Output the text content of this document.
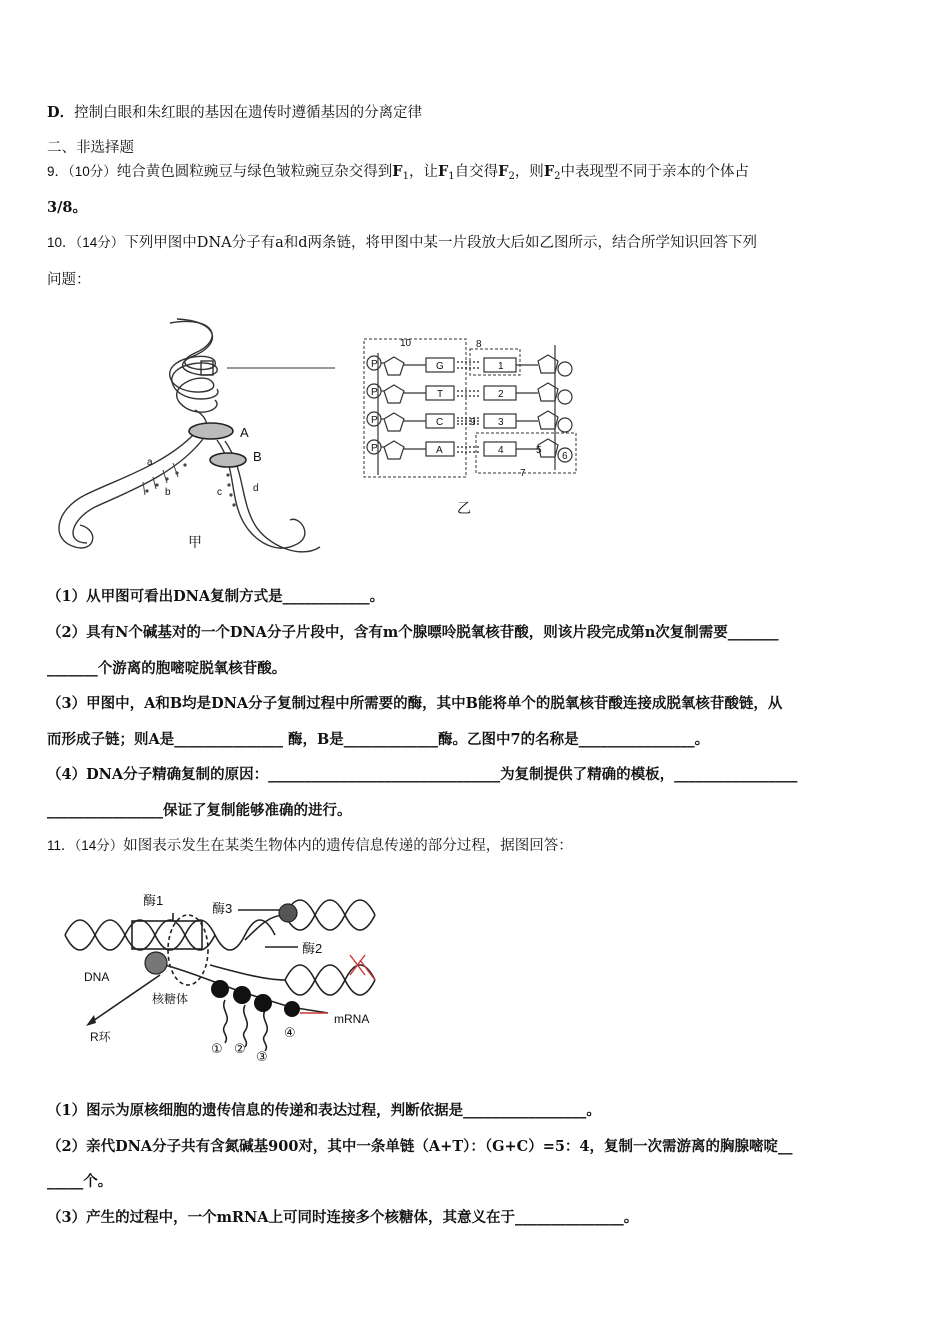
D．控制白眼和朱红眼的基因在遗传时遵循基因的分离定律
二、非选择题
9．（10分）纯合黄色圆粒豌豆与绿色皱粒豌豆杂交得到$F_1$，让$F_1$自交得$F_2$，则$F_2$中表现型不同于亲本的个体占
3/8。
10．（14分）下列甲图中DNA分子有a和d两条链，将甲图中某一片段放大后如乙图所示，结合所学知识回答下列
问题：
A
B
a
b	c	d
甲
P
P
P
P
G
T
C
A
1
2
3
4
10	8
9
5
6
7
乙
（1）从甲图可看出DNA复制方式是____________。
（2）具有N个碱基对的一个DNA分子片段中，含有m个腺嘌呤脱氧核苷酸，则该片段完成第n次复制需要_______
_______个游离的胞嘧啶脱氧核苷酸。
（3）甲图中，A和B均是DNA分子复制过程中所需要的酶，其中B能将单个的脱氧核苷酸连接成脱氧核苷酸链，从
而形成子链；则A是_______________ 酶，B是_____________酶。乙图中7的名称是________________。
（4）DNA分子精确复制的原因：________________________________为复制提供了精确的模板，_________________
________________保证了复制能够准确的进行。
11．（14分）如图表示发生在某类生物体内的遗传信息传递的部分过程，据图回答：
酶1
酶3
酶2
DNA
核糖体
R环
mRNA
① ②
③
④
（1）图示为原核细胞的遗传信息的传递和表达过程，判断依据是_________________。
（2）亲代DNA分子共有含氮碱基900对，其中一条单链（A+T）：（G+C）=5：4，复制一次需游离的胸腺嘧啶__
_____个。
（3）产生的过程中，一个mRNA上可同时连接多个核糖体，其意义在于_______________。
